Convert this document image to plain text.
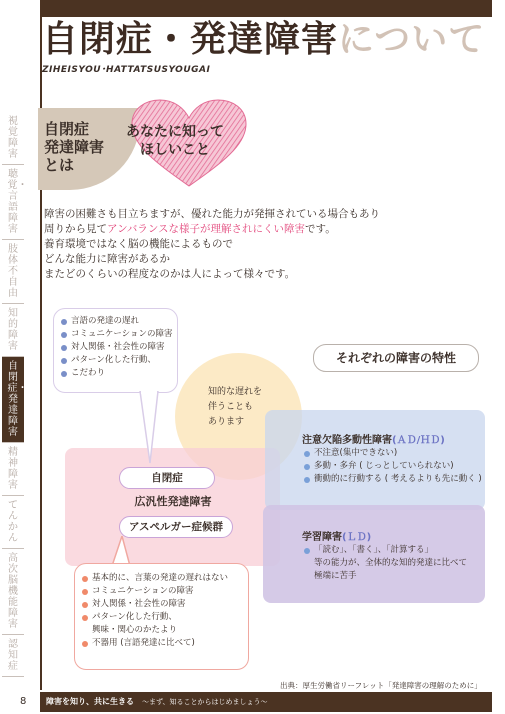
自閉症・発達障害について
ZIHEISYOU･HATTATSUSYOUGAI
視覚障害
聴覚・言語障害
肢体不自由
知的障害
自閉症・発達障害
精神障害
てんかん
高次脳機能障害
認知症
自閉症
発達障害
とは
あなたに知って
ほしいこと
障害の困難さも目立ちますが、優れた能力が発揮されている場合もあり
周りから見てアンバランスな様子が理解されにくい障害です。
養育環境ではなく脳の機能によるもので
どんな能力に障害があるか
またどのくらいの程度なのかは人によって様々です。
言語の発達の遅れ
コミュニケーションの障害
対人関係・社会性の障害
パターン化した行動、
こだわり
知的な遅れを
伴うことも
あります
それぞれの障害の特性
自閉症
広汎性発達障害
アスペルガー症候群
基本的に、言葉の発達の遅れはない
コミュニケーションの障害
対人関係・社会性の障害
パターン化した行動、
興味・関心のかたより
不器用 (言語発達に比べて)
注意欠陥多動性障害(ＡＤ/ＨＤ)
不注意(集中できない)
多動・多弁 ( じっとしていられない)
衝動的に行動する ( 考えるよりも先に動く )
学習障害(ＬＤ)
「読む」、「書く」、「計算する」
等の能力が、全体的な知的発達に比べて
極端に苦手
出典：厚生労働省リーフレット「発達障害の理解のために」
8 障害を知り、共に生きる　 〜まず、知ることからはじめましょう〜
